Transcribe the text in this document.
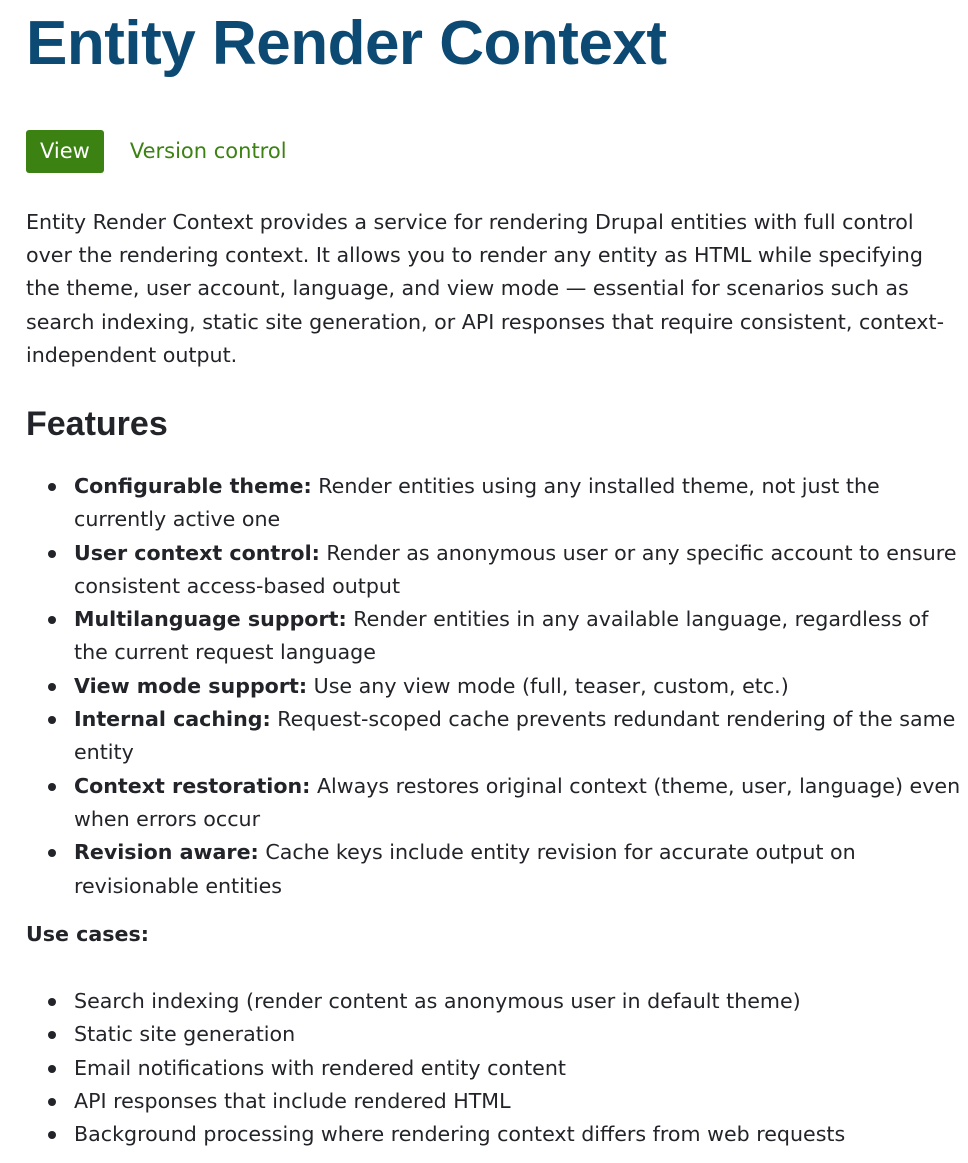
Entity Render Context
View	Version control

Entity Render Context provides a service for rendering Drupal entities with full control over the rendering context. It allows you to render any entity as HTML while specifying the theme, user account, language, and view mode — essential for scenarios such as search indexing, static site generation, or API responses that require consistent, context-independent output.

Features
Configurable theme: Render entities using any installed theme, not just the currently active one
User context control: Render as anonymous user or any specific account to ensure consistent access-based output
Multilanguage support: Render entities in any available language, regardless of the current request language
View mode support: Use any view mode (full, teaser, custom, etc.)
Internal caching: Request-scoped cache prevents redundant rendering of the same entity
Context restoration: Always restores original context (theme, user, language) even when errors occur
Revision aware: Cache keys include entity revision for accurate output on revisionable entities

Use cases:

Search indexing (render content as anonymous user in default theme)
Static site generation
Email notifications with rendered entity content
API responses that include rendered HTML
Background processing where rendering context differs from web requests
